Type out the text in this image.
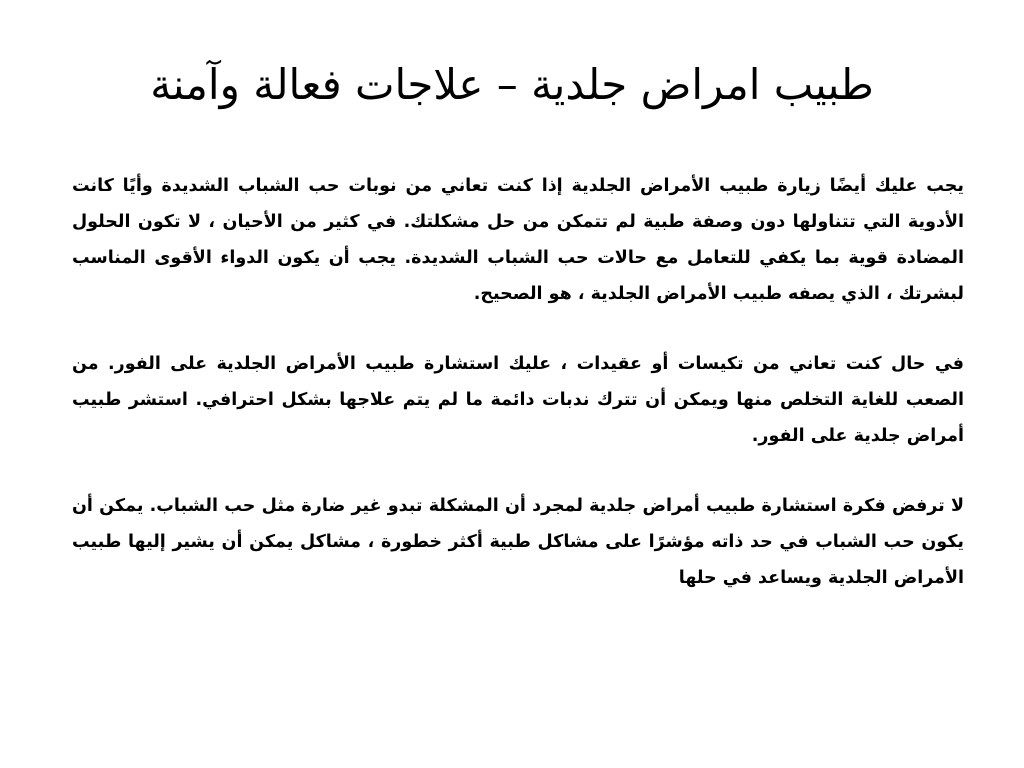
طبيب امراض جلدية – علاجات فعالة وآمنة

يجب عليك أيضًا زيارة طبيب الأمراض الجلدية إذا كنت تعاني من نوبات حب الشباب الشديدة وأيًا كانت الأدوية التي تتناولها دون وصفة طبية لم تتمكن من حل مشكلتك. في كثير من الأحيان ، لا تكون الحلول المضادة قوية بما يكفي للتعامل مع حالات حب الشباب الشديدة. يجب أن يكون الدواء الأقوى المناسب لبشرتك ، الذي يصفه طبيب الأمراض الجلدية ، هو الصحيح.

في حال كنت تعاني من تكيسات أو عقيدات ، عليك استشارة طبيب الأمراض الجلدية على الفور. من الصعب للغاية التخلص منها ويمكن أن تترك ندبات دائمة ما لم يتم علاجها بشكل احترافي. استشر طبيب أمراض جلدية على الفور.

لا ترفض فكرة استشارة طبيب أمراض جلدية لمجرد أن المشكلة تبدو غير ضارة مثل حب الشباب. يمكن أن يكون حب الشباب في حد ذاته مؤشرًا على مشاكل طبية أكثر خطورة ، مشاكل يمكن أن يشير إليها طبيب الأمراض الجلدية ويساعد في حلها
